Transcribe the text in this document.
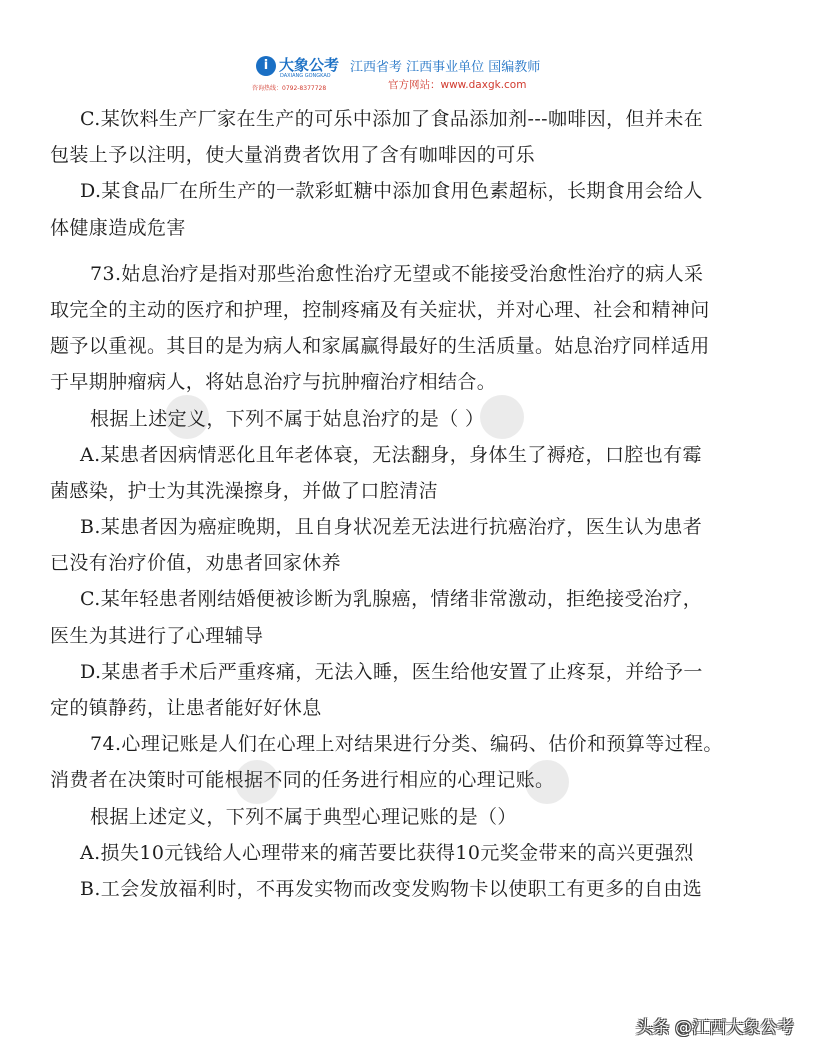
i 大象公考
DAXIANG GONGKAO
江西省考 江西事业单位 国编教师
咨询热线：0792-8377728	官方网站：www.daxgk.com
C.某饮料生产厂家在生产的可乐中添加了食品添加剂---咖啡因，但并未在
包装上予以注明，使大量消费者饮用了含有咖啡因的可乐
D.某食品厂在所生产的一款彩虹糖中添加食用色素超标，长期食用会给人
体健康造成危害
73.姑息治疗是指对那些治愈性治疗无望或不能接受治愈性治疗的病人采
取完全的主动的医疗和护理，控制疼痛及有关症状，并对心理、社会和精神问
题予以重视。其目的是为病人和家属赢得最好的生活质量。姑息治疗同样适用
于早期肿瘤病人，将姑息治疗与抗肿瘤治疗相结合。
根据上述定义，下列不属于姑息治疗的是（ ）
A.某患者因病情恶化且年老体衰，无法翻身，身体生了褥疮，口腔也有霉
菌感染，护士为其洗澡擦身，并做了口腔清洁
B.某患者因为癌症晚期，且自身状况差无法进行抗癌治疗，医生认为患者
已没有治疗价值，劝患者回家休养
C.某年轻患者刚结婚便被诊断为乳腺癌，情绪非常激动，拒绝接受治疗，
医生为其进行了心理辅导
D.某患者手术后严重疼痛，无法入睡，医生给他安置了止疼泵，并给予一
定的镇静药，让患者能好好休息
74.心理记账是人们在心理上对结果进行分类、编码、估价和预算等过程。
消费者在决策时可能根据不同的任务进行相应的心理记账。
根据上述定义，下列不属于典型心理记账的是（）
A.损失10元钱给人心理带来的痛苦要比获得10元奖金带来的高兴更强烈
B.工会发放福利时，不再发实物而改变发购物卡以使职工有更多的自由选
头条 @江西大象公考
